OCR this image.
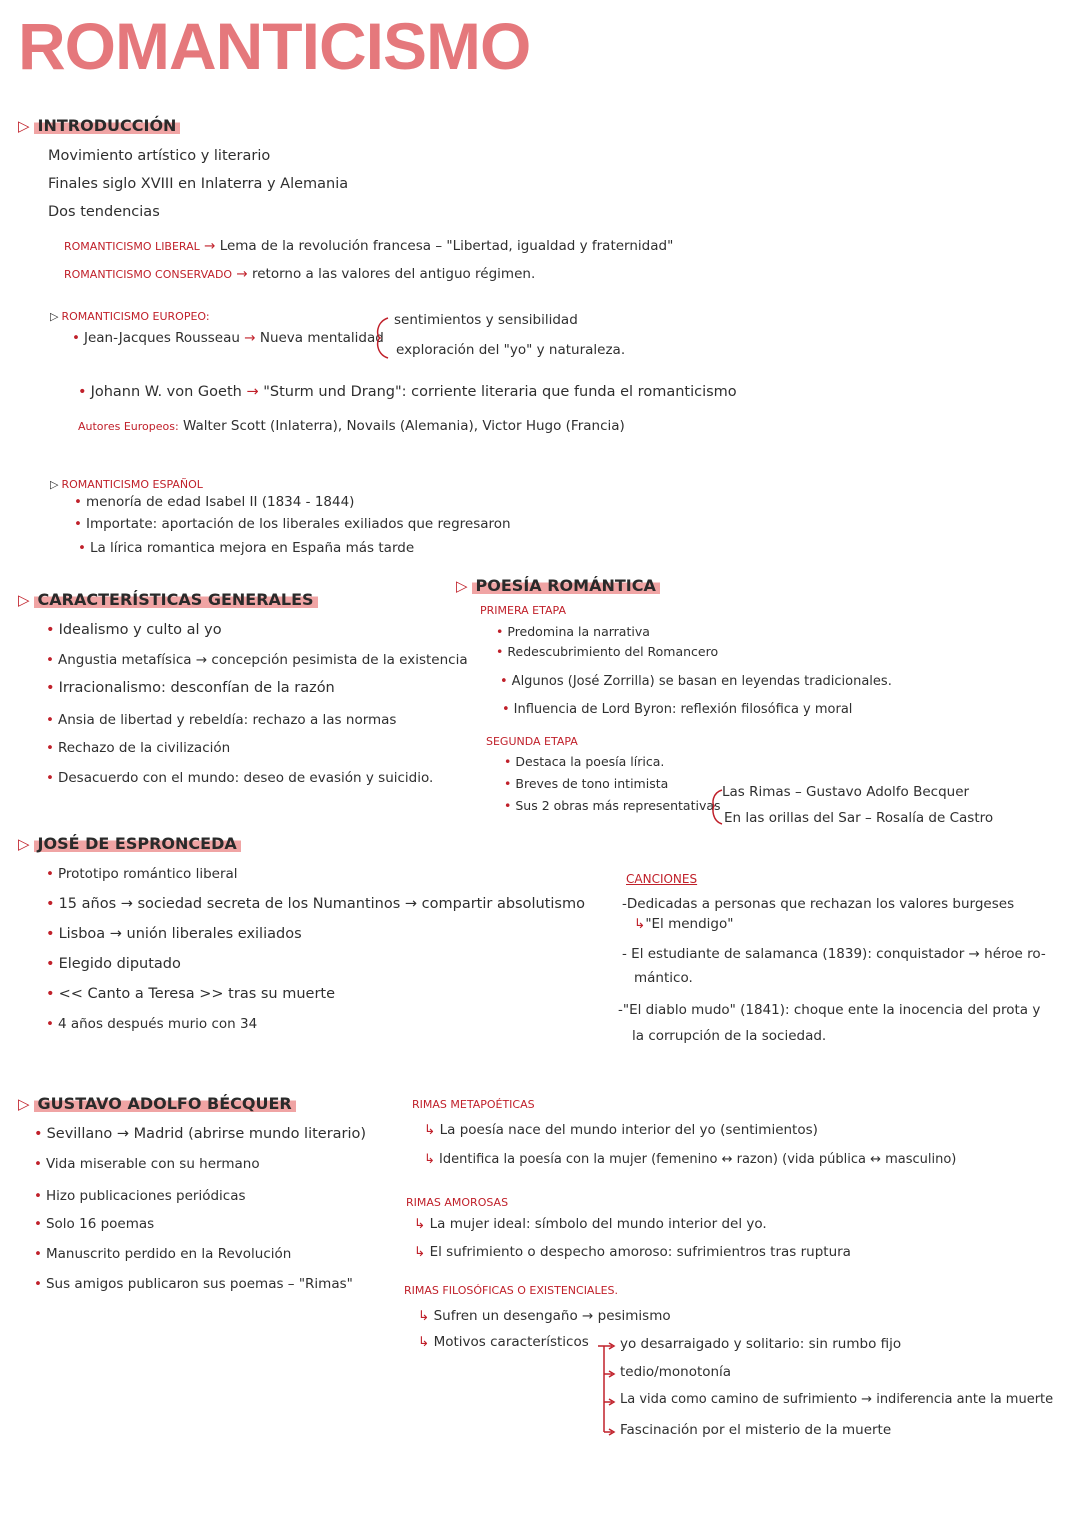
ROMANTICISMO
▷ INTRODUCCIÓN
Movimiento artístico y literario
Finales siglo XVIII en Inlaterra y Alemania
Dos tendencias
ROMANTICISMO LIBERAL → Lema de la revolución francesa – "Libertad, igualdad y fraternidad"
ROMANTICISMO CONSERVADO → retorno a las valores del antiguo régimen.
▷ ROMANTICISMO EUROPEO:
• Jean-Jacques Rousseau → Nueva mentalidad
sentimientos y sensibilidad
exploración del "yo" y naturaleza.
• Johann W. von Goeth → "Sturm und Drang": corriente literaria que funda el romanticismo
Autores Europeos: Walter Scott (Inlaterra), Novails (Alemania), Victor Hugo (Francia)
▷ ROMANTICISMO ESPAÑOL
• menoría de edad Isabel II (1834 - 1844)
• Importate: aportación de los liberales exiliados que regresaron
• La lírica romantica mejora en España más tarde
▷ CARACTERÍSTICAS GENERALES
• Idealismo y culto al yo
• Angustia metafísica → concepción pesimista de la existencia
• Irracionalismo: desconfían de la razón
• Ansia de libertad y rebeldía: rechazo a las normas
• Rechazo de la civilización
• Desacuerdo con el mundo: deseo de evasión y suicidio.
▷ POESÍA ROMÁNTICA
PRIMERA ETAPA
• Predomina la narrativa
• Redescubrimiento del Romancero
• Algunos (José Zorrilla) se basan en leyendas tradicionales.
• Influencia de Lord Byron: reflexión filosófica y moral
SEGUNDA ETAPA
• Destaca la poesía lírica.
• Breves de tono intimista
• Sus 2 obras más representativas
Las Rimas – Gustavo Adolfo Becquer
En las orillas del Sar – Rosalía de Castro
▷ JOSÉ DE ESPRONCEDA
• Prototipo romántico liberal
• 15 años → sociedad secreta de los Numantinos → compartir absolutismo
• Lisboa → unión liberales exiliados
• Elegido diputado
• << Canto a Teresa >> tras su muerte
• 4 años después murio con 34
CANCIONES
-Dedicadas a personas que rechazan los valores burgeses
↳"El mendigo"
- El estudiante de salamanca (1839): conquistador → héroe ro-
mántico.
-"El diablo mudo" (1841): choque ente la inocencia del prota y
la corrupción de la sociedad.
▷ GUSTAVO ADOLFO BÉCQUER
• Sevillano → Madrid (abrirse mundo literario)
• Vida miserable con su hermano
• Hizo publicaciones periódicas
• Solo 16 poemas
• Manuscrito perdido en la Revolución
• Sus amigos publicaron sus poemas – "Rimas"
RIMAS METAPOÉTICAS
↳ La poesía nace del mundo interior del yo (sentimientos)
↳ Identifica la poesía con la mujer (femenino ↔ razon) (vida pública ↔ masculino)
RIMAS AMOROSAS
↳ La mujer ideal: símbolo del mundo interior del yo.
↳ El sufrimiento o despecho amoroso: sufrimientros tras ruptura
RIMAS FILOSÓFICAS O EXISTENCIALES.
↳ Sufren un desengaño → pesimismo
↳ Motivos característicos yo desarraigado y solitario: sin rumbo fijo
tedio/monotonía
La vida como camino de sufrimiento → indiferencia ante la muerte
Fascinación por el misterio de la muerte
